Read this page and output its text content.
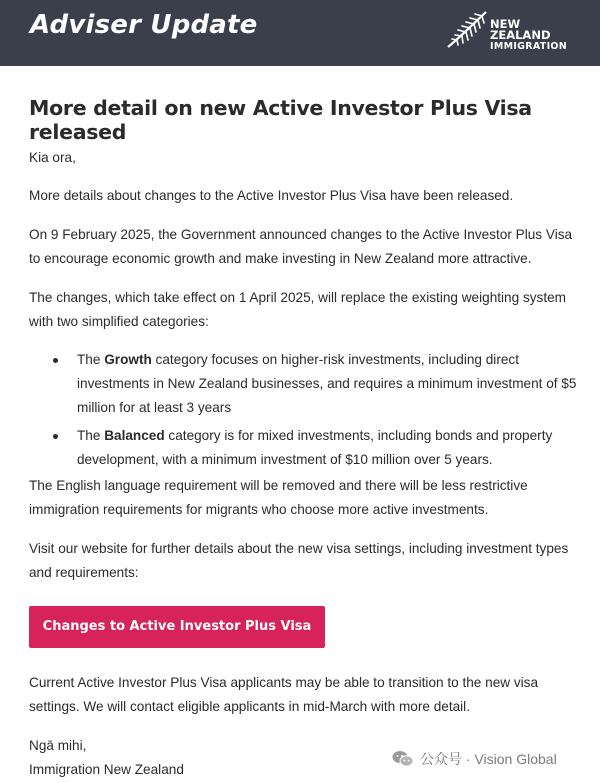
Adviser Update	NEW ZEALAND
IMMIGRATION
More detail on new Active Investor Plus Visa released

Kia ora,

More details about changes to the Active Investor Plus Visa have been released.

On 9 February 2025, the Government announced changes to the Active Investor Plus Visa to encourage economic growth and make investing in New Zealand more attractive.

The changes, which take effect on 1 April 2025, will replace the existing weighting system with two simplified categories:

The Growth category focuses on higher-risk investments, including direct investments in New Zealand businesses, and requires a minimum investment of $5 million for at least 3 years
The Balanced category is for mixed investments, including bonds and property development, with a minimum investment of $10 million over 5 years.

The English language requirement will be removed and there will be less restrictive immigration requirements for migrants who choose more active investments.

Visit our website for further details about the new visa settings, including investment types and requirements:

Changes to Active Investor Plus Visa

Current Active Investor Plus Visa applicants may be able to transition to the new visa settings. We will contact eligible applicants in mid-March with more detail.

Ngā mihi,

Immigration New Zealand

公众号 · Vision Global
